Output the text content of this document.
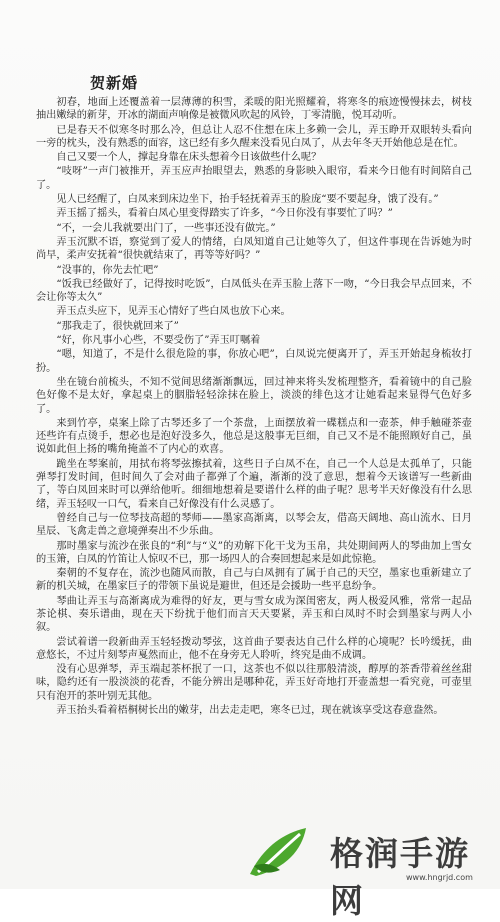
贺新婚

初春，地面上还覆盖着一层薄薄的积雪，柔暖的阳光照耀着，将寒冬的痕迹慢慢抹去，树枝抽出嫩绿的新芽，开冰的湖面声响像是被微风吹起的风铃，丁零清脆，悦耳动听。

已是春天不似寒冬时那么冷，但总让人忍不住想在床上多赖一会儿，弄玉睁开双眼转头看向一旁的枕头，没有熟悉的面容，这已经有多久醒来没看见白凤了，从去年冬天开始他总是在忙。

自己又要一个人，撑起身靠在床头想着今日该做些什么呢？

“吱呀”一声门被推开，弄玉应声抬眼望去，熟悉的身影映入眼帘，看来今日他有时间陪自己了。

见人已经醒了，白凤来到床边坐下，抬手轻抚着弄玉的脸庞“要不要起身，饿了没有。”

弄玉摇了摇头，看着白凤心里变得踏实了许多，“今日你没有事要忙了吗？”

“不，一会儿我就要出门了，一些事还没有做完。”

弄玉沉默不语，察觉到了爱人的情绪，白凤知道自己让她等久了，但这件事现在告诉她为时尚早，柔声安抚着“很快就结束了，再等等好吗？”

“没事的，你先去忙吧”

“饭我已经做好了，记得按时吃饭”，白凤低头在弄玉脸上落下一吻，“今日我会早点回来，不会让你等太久”

弄玉点头应下，见弄玉心情好了些白凤也放下心来。

“那我走了，很快就回来了”

“好，你凡事小心些，不要受伤了”弄玉叮嘱着

“嗯，知道了，不是什么很危险的事，你放心吧”，白凤说完便离开了，弄玉开始起身梳妆打扮。

坐在镜台前梳头，不知不觉间思绪渐渐飘远，回过神来将头发梳理整齐，看着镜中的自己脸色好像不是太好，拿起桌上的胭脂轻轻涂抹在脸上，淡淡的绯色这才让她看起来显得气色好多了。

来到竹亭，桌案上除了古琴还多了一个茶盘，上面摆放着一碟糕点和一壶茶，伸手触碰茶壶还些许有点烫手，想必也是泡好没多久，他总是这般事无巨细，自己又不是不能照顾好自己，虽说如此但上扬的嘴角掩盖不了内心的欢喜。

跪坐在琴案前，用拭布将琴弦擦拭着，这些日子白凤不在，自己一个人总是太孤单了，只能弹琴打发时间，但时间久了会对曲子都弹了个遍，渐渐的没了意思，想着今天该谱写一些新曲了，等白凤回来时可以弹给他听。细细地想着是要谱什么样的曲子呢？思考半天好像没有什么思绪，弄玉轻叹一口气，看来自己好像没有什么灵感了。

曾经自己与一位琴技高超的琴师——墨家高渐离，以琴会友，借高天阔地、高山流水、日月星辰、飞禽走兽之意境弹奏出不少乐曲。

那时墨家与流沙在张良的“利”与“义”的劝解下化干戈为玉帛，共处期间两人的琴曲加上雪女的玉箫，白凤的竹笛让人惊叹不已，那一场四人的合奏回想起来是如此惊艳。

秦朝的不复存在，流沙也随风而散，自己与白凤拥有了属于自己的天空，墨家也重新建立了新的机关城，在墨家巨子的带领下虽说是避世，但还是会援助一些平息纷争。

琴曲让弄玉与高渐离成为难得的好友，更与雪女成为深闺密友，两人极爱风雅，常常一起品茶论棋、奏乐谱曲，现在天下纷扰于他们而言天天要紧，弄玉和白凤时不时会到墨家与两人小叙。

尝试着谱一段新曲弄玉轻轻拨动琴弦，这首曲子要表达自己什么样的心境呢？长吟缓抚，曲意悠长，不过片刻琴声戛然而止，他不在身旁无人聆听，终究是曲不成调。

没有心思弹琴，弄玉端起茶杯抿了一口，这茶也不似以往那般清淡，醇厚的茶香带着丝丝甜味，隐约还有一股淡淡的花香，不能分辨出是哪种花，弄玉好奇地打开壶盖想一看究竟，可壶里只有泡开的茶叶别无其他。

弄玉抬头看着梧桐树长出的嫩芽，出去走走吧，寒冬已过，现在就该享受这春意盎然。

格润手游网
www.hngrjd.com
